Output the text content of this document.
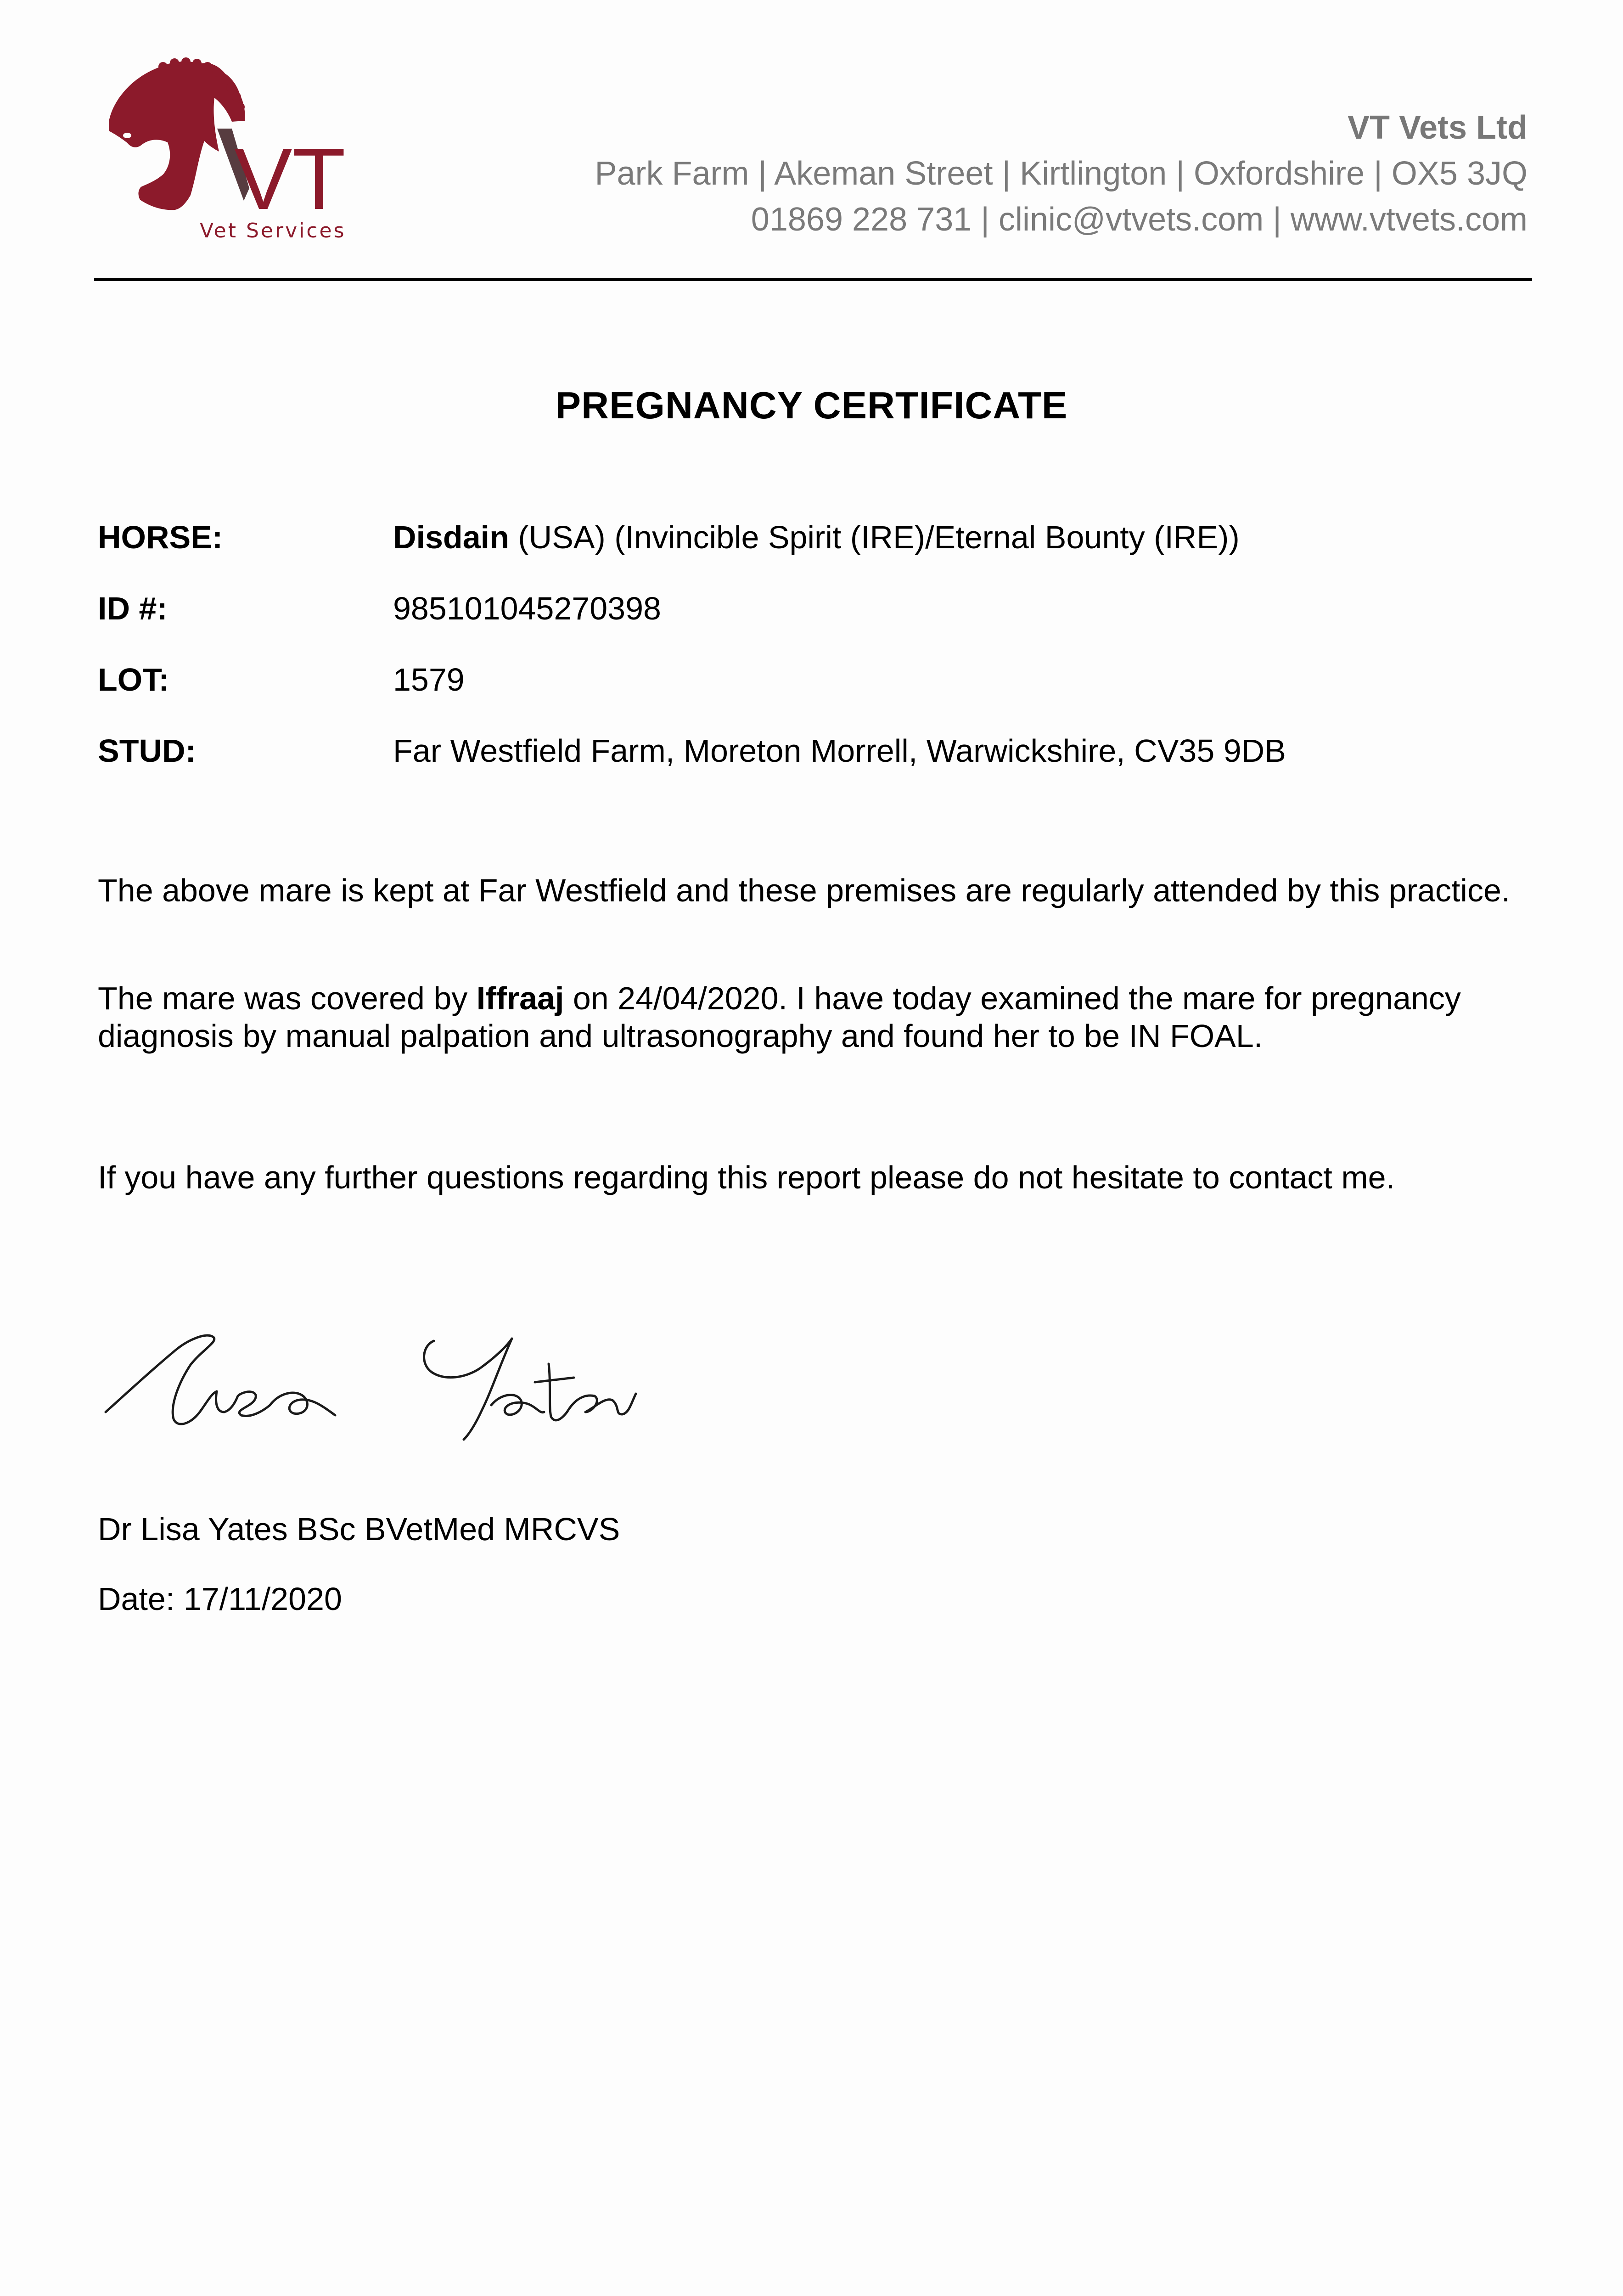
VT
Vet Services
VT Vets Ltd
Park Farm | Akeman Street | Kirtlington | Oxfordshire | OX5 3JQ
01869 228 731 | clinic@vtvets.com | www.vtvets.com
PREGNANCY CERTIFICATE
HORSE:	Disdain (USA) (Invincible Spirit (IRE)/Eternal Bounty (IRE))
ID #:	985101045270398
LOT:	1579
STUD:	Far Westfield Farm, Moreton Morrell, Warwickshire, CV35 9DB
The above mare is kept at Far Westfield and these premises are regularly attended by this practice.
The mare was covered by Iffraaj on 24/04/2020. I have today examined the mare for pregnancy diagnosis by manual palpation and ultrasonography and found her to be IN FOAL.
If you have any further questions regarding this report please do not hesitate to contact me.
Dr Lisa Yates BSc BVetMed MRCVS
Date: 17/11/2020
